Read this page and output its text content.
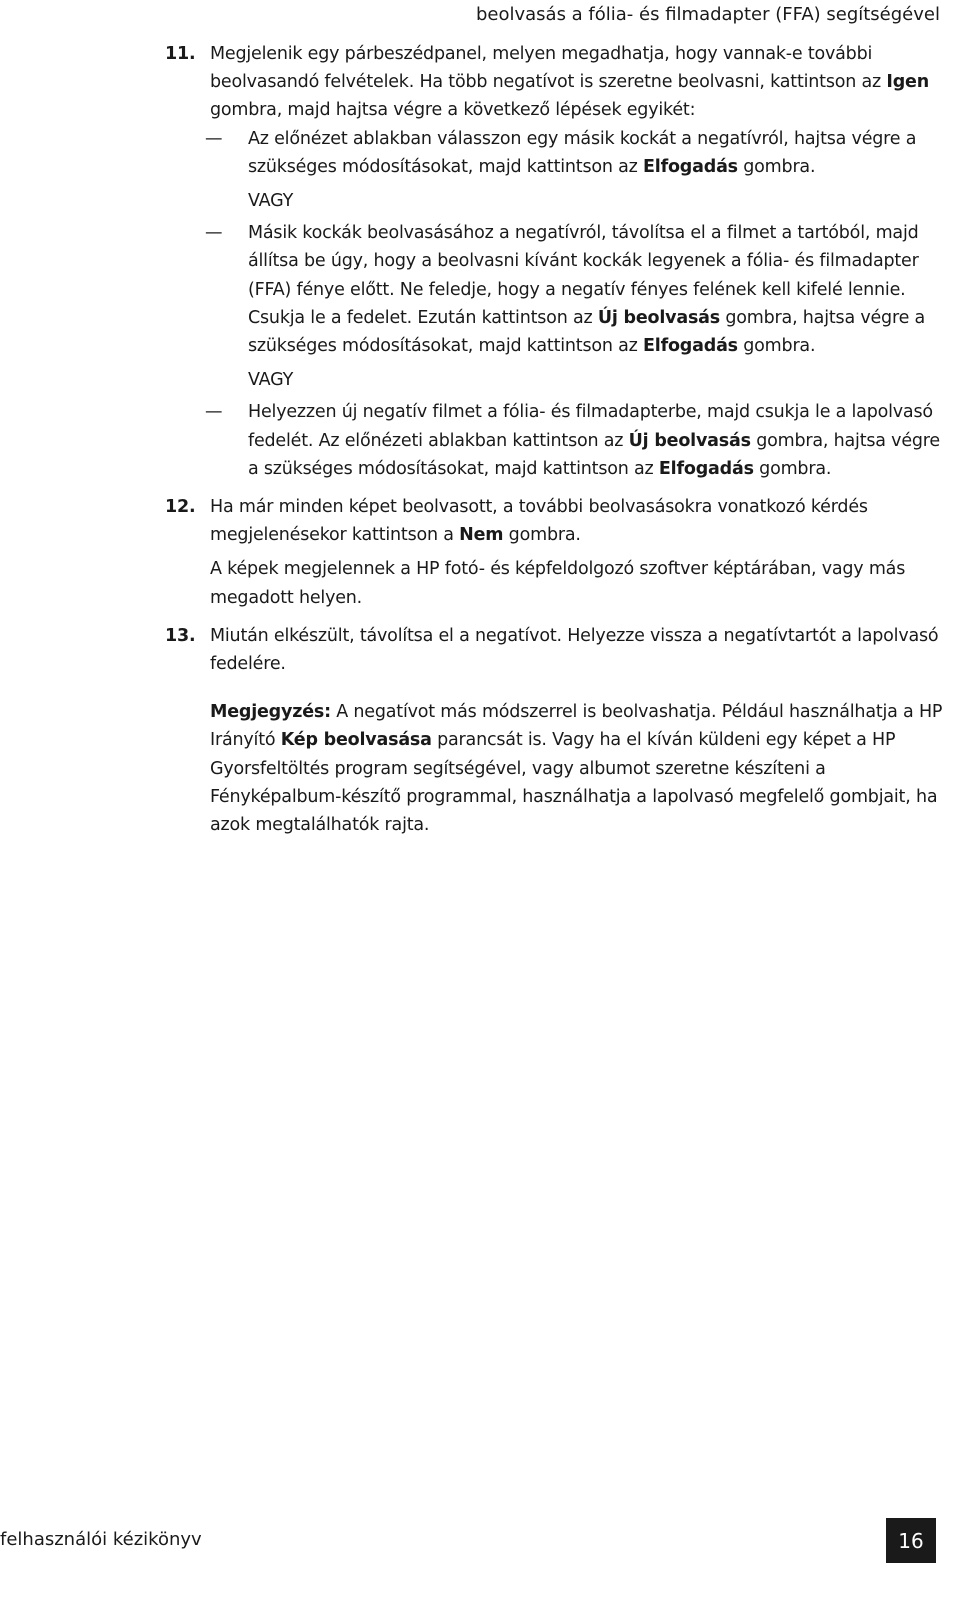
beolvasás a fólia- és filmadapter (FFA) segítségével
11. Megjelenik egy párbeszédpanel, melyen megadhatja, hogy vannak-e további beolvasandó felvételek. Ha több negatívot is szeretne beolvasni, kattintson az Igen gombra, majd hajtsa végre a következő lépések egyikét:

—	Az előnézet ablakban válasszon egy másik kockát a negatívról, hajtsa végre a szükséges módosításokat, majd kattintson az Elfogadás gombra.
VAGY
—	Másik kockák beolvasásához a negatívról, távolítsa el a filmet a tartóból, majd állítsa be úgy, hogy a beolvasni kívánt kockák legyenek a fólia- és filmadapter (FFA) fénye előtt. Ne feledje, hogy a negatív fényes felének kell kifelé lennie. Csukja le a fedelet. Ezután kattintson az Új beolvasás gombra, hajtsa végre a szükséges módosításokat, majd kattintson az Elfogadás gombra.
VAGY
—	Helyezzen új negatív filmet a fólia- és filmadapterbe, majd csukja le a lapolvasó fedelét. Az előnézeti ablakban kattintson az Új beolvasás gombra, hajtsa végre a szükséges módosításokat, majd kattintson az Elfogadás gombra.
12. Ha már minden képet beolvasott, a további beolvasásokra vonatkozó kérdés megjelenésekor kattintson a Nem gombra.

A képek megjelennek a HP fotó- és képfeldolgozó szoftver képtárában, vagy más megadott helyen.

13. Miután elkészült, távolítsa el a negatívot. Helyezze vissza a negatívtartót a lapolvasó fedelére.

Megjegyzés: A negatívot más módszerrel is beolvashatja. Például használhatja a HP Irányító Kép beolvasása parancsát is. Vagy ha el kíván küldeni egy képet a HP Gyorsfeltöltés program segítségével, vagy albumot szeretne készíteni a Fényképalbum-készítő programmal, használhatja a lapolvasó megfelelő gombjait, ha azok megtalálhatók rajta.

felhasználói kézikönyv	16
